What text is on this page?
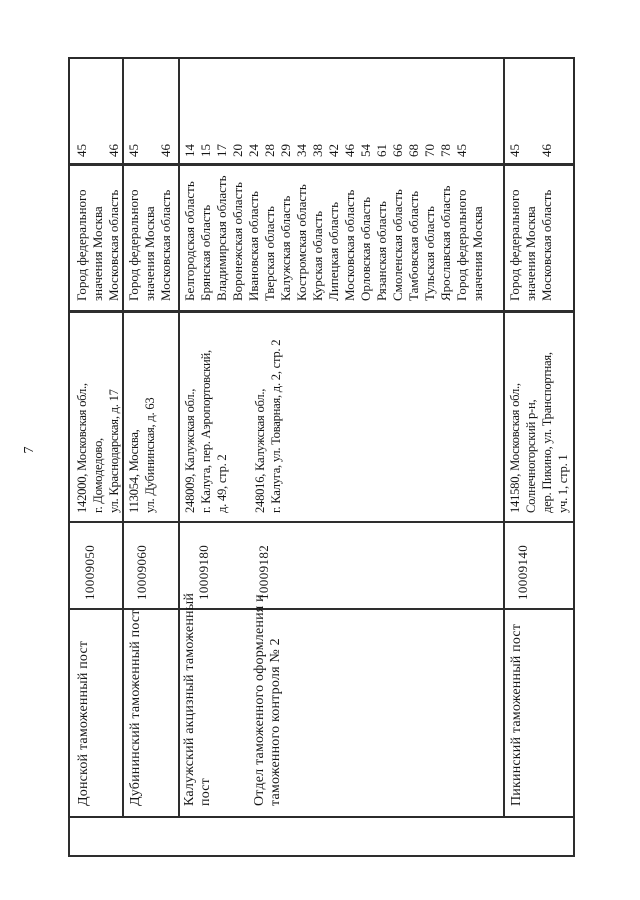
7
Донской таможенный пост
10009050
142000, Московская обл., г. Домодедово, ул. Краснодарская, д. 17
Город федерального значения Москва Московская область
45 46
Дубининский таможенный пост
10009060
113054, Москва, ул. Дубининская, д. 63
Город федерального значения Москва Московская область
45 46
Калужский акцизный таможенный пост	Отдел таможенного оформления и таможенного контроля № 2
10009180	10009182
248009, Калужская обл., г. Калуга, пер. Аэропортовский, д. 49, стр. 2 248016, Калужская обл., г. Калуга, ул. Товарная, д. 2, стр. 2
Белгородская область Брянская область Владимирская область Воронежская область Ивановская область Тверская область Калужская область Костромская область Курская область Липецкая область Московская область Орловская область Рязанская область Смоленская область Тамбовская область Тульская область Ярославская область Город федерального значения Москва
14 15 17 20 24 28 29 34 38 42 46 54 61 66 68 70 78 45
Пикинский таможенный пост
10009140
141580, Московская обл., Солнечногорский р-н, дер. Пикино, ул. Транспортная, уч. 1, стр. 1
Город федерального значения Москва Московская область
45 46
